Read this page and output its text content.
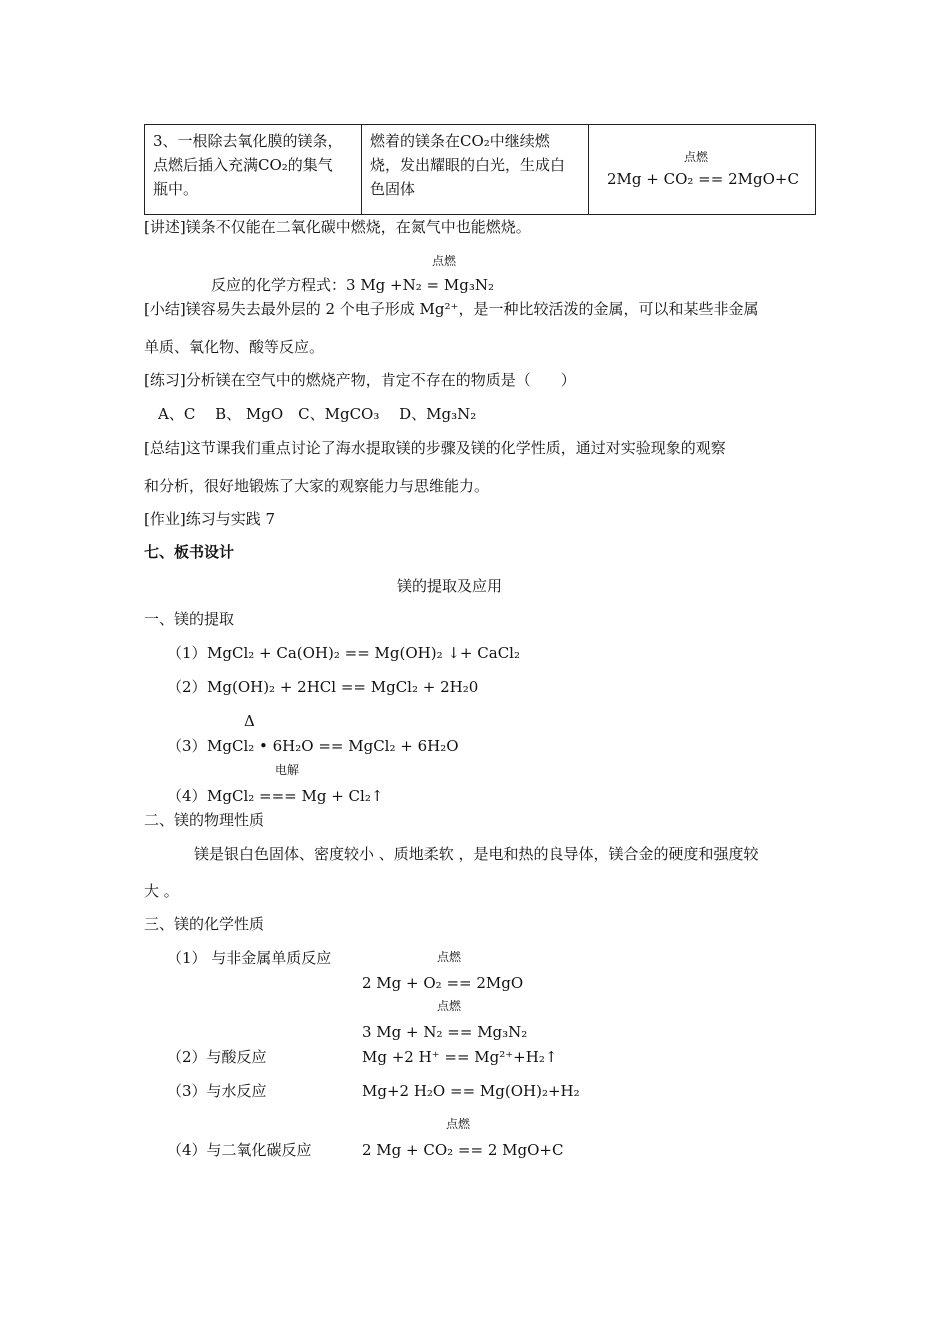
3、一根除去氧化膜的镁条，
点燃后插入充满CO₂的集气
瓶中。

燃着的镁条在CO₂中继续燃
烧，发出耀眼的白光，生成白
色固体

点燃
2Mg + CO₂ == 2MgO+C
[讲述]镁条不仅能在二氧化碳中燃烧，在氮气中也能燃烧。
点燃
反应的化学方程式：3 Mg +N₂ = Mg₃N₂
[小结]镁容易失去最外层的 2 个电子形成 Mg²⁺，是一种比较活泼的金属，可以和某些非金属
单质、氧化物、酸等反应。
[练习]分析镁在空气中的燃烧产物，肯定不存在的物质是（　　）
A、C　 B、 MgO　C、MgCO₃　 D、Mg₃N₂
[总结]这节课我们重点讨论了海水提取镁的步骤及镁的化学性质，通过对实验现象的观察
和分析，很好地锻炼了大家的观察能力与思维能力。
[作业]练习与实践 7
七、板书设计
镁的提取及应用
一、镁的提取
（1） MgCl₂ + Ca(OH)₂ == Mg(OH)₂ ↓+ CaCl₂
（2） Mg(OH)₂ + 2HCl == MgCl₂ + 2H₂0
Δ
（3） MgCl₂ • 6H₂O == MgCl₂ + 6H₂O
电解
（4） MgCl₂ === Mg + Cl₂↑
二、镁的物理性质
镁是银白色固体、密度较小 、质地柔软 ，是电和热的良导体，镁合金的硬度和强度较
大 。
三、镁的化学性质
（1） 与非金属单质反应	点燃
2 Mg + O₂ == 2MgO
点燃
3 Mg + N₂ == Mg₃N₂
（2）与酸反应	Mg +2 H⁺ == Mg²⁺+H₂↑
（3）与水反应	Mg+2 H₂O == Mg(OH)₂+H₂
点燃
（4）与二氧化碳反应	2 Mg + CO₂ == 2 MgO+C
